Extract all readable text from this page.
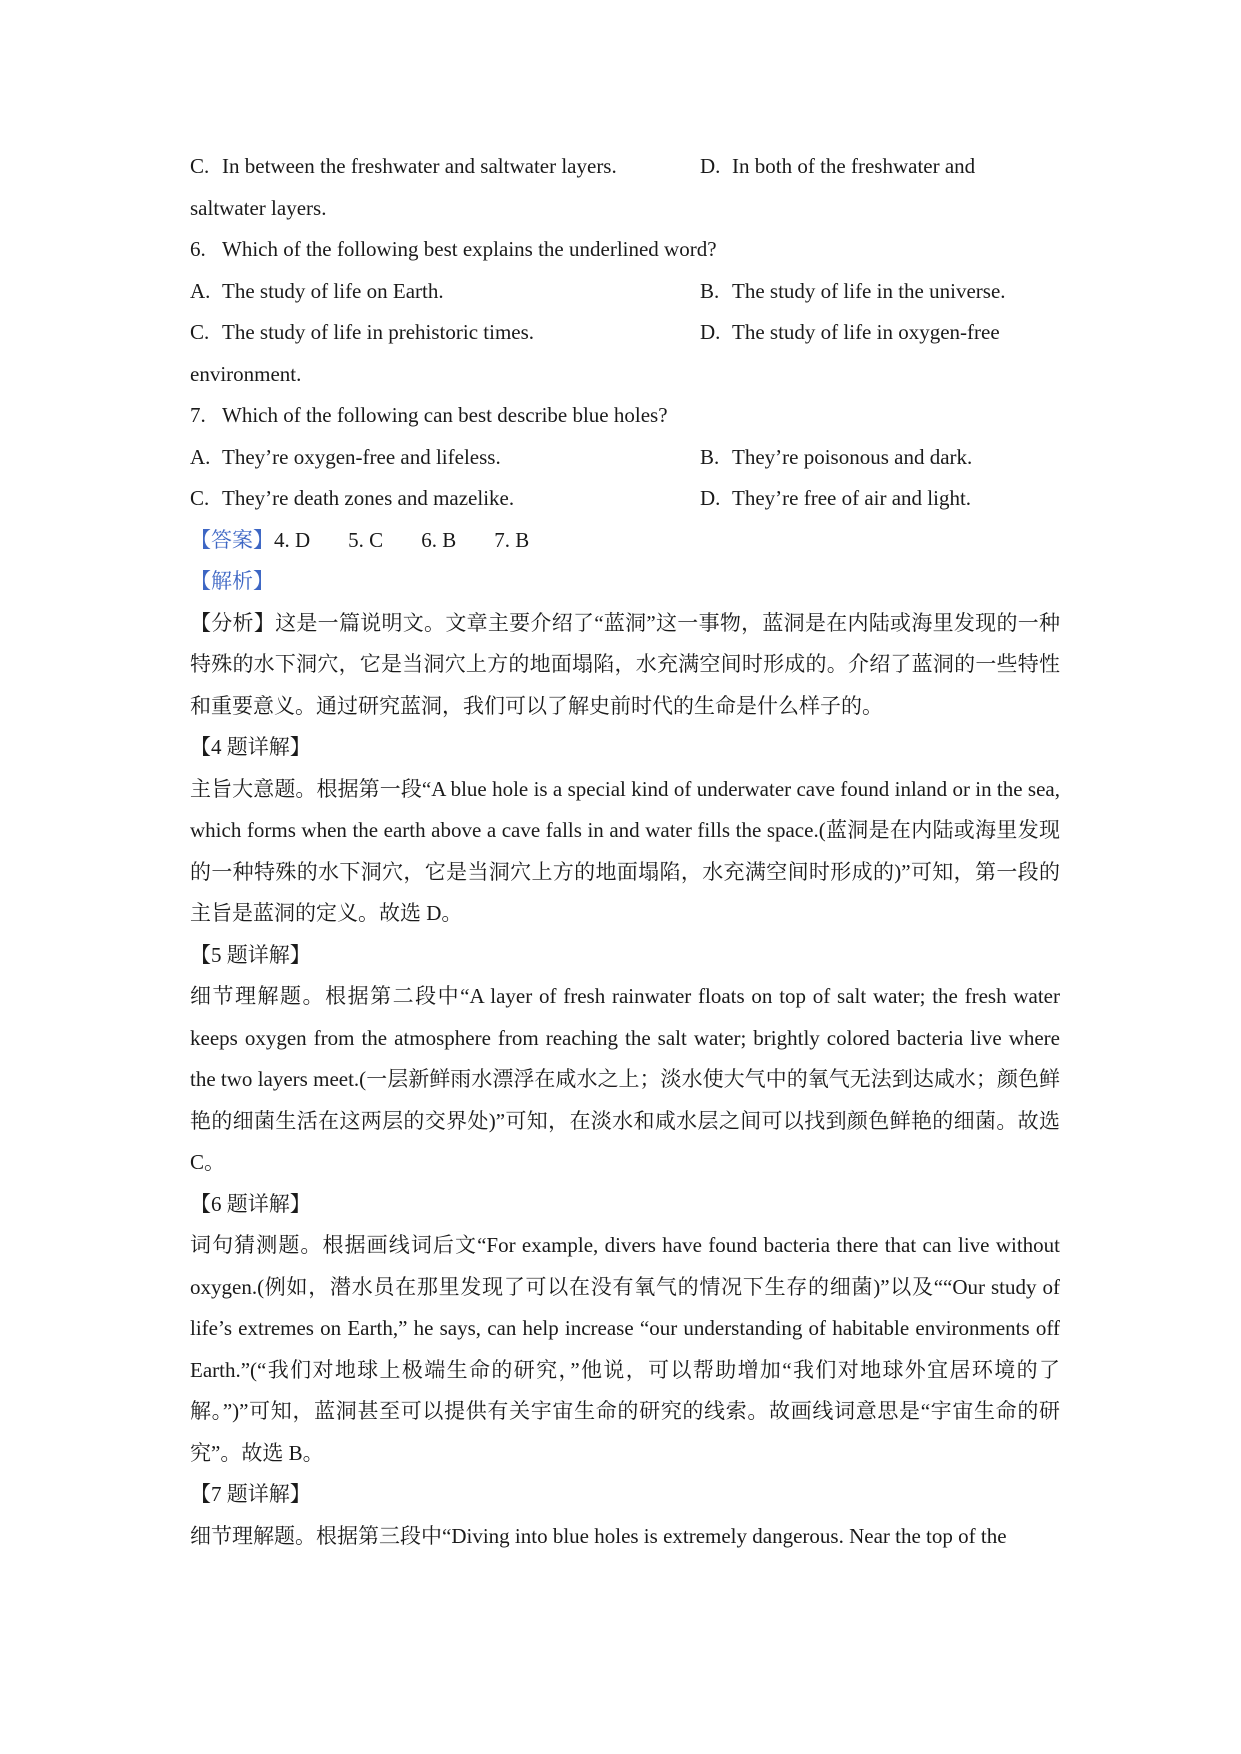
C. In between the freshwater and saltwater layers.	D. In both of the freshwater and
saltwater layers.
6. Which of the following best explains the underlined word?
A. The study of life on Earth.	B. The study of life in the universe.
C. The study of life in prehistoric times.	D. The study of life in oxygen-free
environment.
7. Which of the following can best describe blue holes?
A. They’re oxygen-free and lifeless.	B. They’re poisonous and dark.
C. They’re death zones and mazelike.	D. They’re free of air and light.
【答案】4. D 5. C 6. B 7. B
【解析】
【分析】这是一篇说明文。文章主要介绍了“蓝洞”这一事物，蓝洞是在内陆或海里发现的一种特殊的水下洞穴，它是当洞穴上方的地面塌陷，水充满空间时形成的。介绍了蓝洞的一些特性和重要意义。通过研究蓝洞，我们可以了解史前时代的生命是什么样子的。
【4 题详解】
主旨大意题。根据第一段“A blue hole is a special kind of underwater cave found inland or in the sea, which forms when the earth above a cave falls in and water fills the space.(蓝洞是在内陆或海里发现的一种特殊的水下洞穴，它是当洞穴上方的地面塌陷，水充满空间时形成的)”可知，第一段的主旨是蓝洞的定义。故选 D。
【5 题详解】
细节理解题。根据第二段中“A layer of fresh rainwater floats on top of salt water; the fresh water keeps oxygen from the atmosphere from reaching the salt water; brightly colored bacteria live where the two layers meet.(一层新鲜雨水漂浮在咸水之上；淡水使大气中的氧气无法到达咸水；颜色鲜艳的细菌生活在这两层的交界处)”可知，在淡水和咸水层之间可以找到颜色鲜艳的细菌。故选 C。
【6 题详解】
词句猜测题。根据画线词后文“For example, divers have found bacteria there that can live without oxygen.(例如，潜水员在那里发现了可以在没有氧气的情况下生存的细菌)”以及““Our study of life’s extremes on Earth,” he says, can help increase “our understanding of habitable environments off Earth.”(“我们对地球上极端生命的研究，”他说，可以帮助增加“我们对地球外宜居环境的了解。”)”可知，蓝洞甚至可以提供有关宇宙生命的研究的线索。故画线词意思是“宇宙生命的研究”。故选 B。
【7 题详解】
细节理解题。根据第三段中“Diving into blue holes is extremely dangerous. Near the top of the
